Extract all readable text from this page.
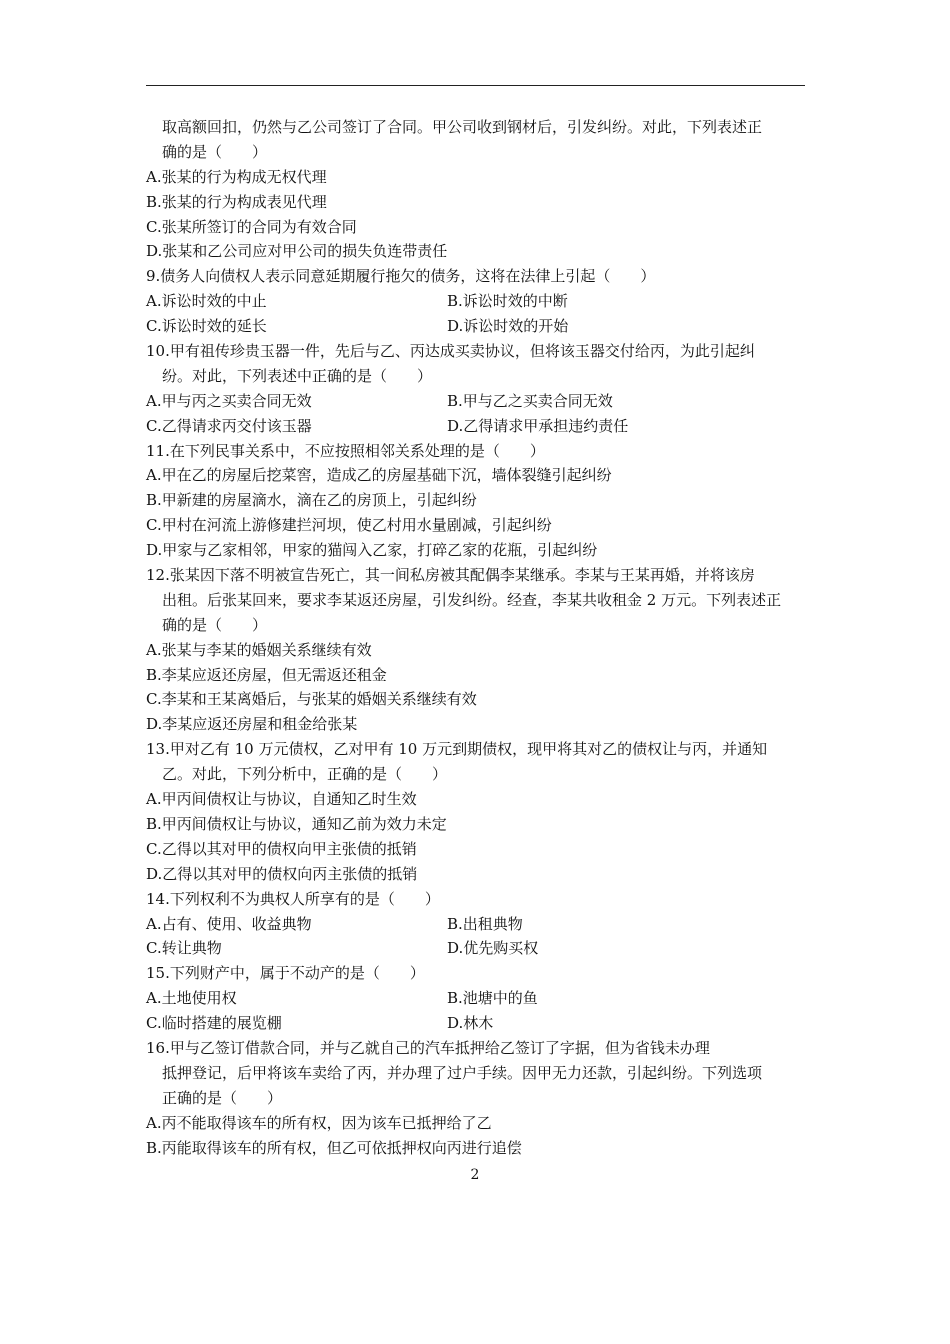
取高额回扣，仍然与乙公司签订了合同。甲公司收到钢材后，引发纠纷。对此，下列表述正
确的是（　　）
A.张某的行为构成无权代理
B.张某的行为构成表见代理
C.张某所签订的合同为有效合同
D.张某和乙公司应对甲公司的损失负连带责任
9.债务人向债权人表示同意延期履行拖欠的债务，这将在法律上引起（　　）
A.诉讼时效的中止	B.诉讼时效的中断
C.诉讼时效的延长	D.诉讼时效的开始
10.甲有祖传珍贵玉器一件，先后与乙、丙达成买卖协议，但将该玉器交付给丙，为此引起纠
纷。对此，下列表述中正确的是（　　）
A.甲与丙之买卖合同无效	B.甲与乙之买卖合同无效
C.乙得请求丙交付该玉器	D.乙得请求甲承担违约责任
11.在下列民事关系中，不应按照相邻关系处理的是（　　）
A.甲在乙的房屋后挖菜窖，造成乙的房屋基础下沉，墙体裂缝引起纠纷
B.甲新建的房屋滴水，滴在乙的房顶上，引起纠纷
C.甲村在河流上游修建拦河坝，使乙村用水量剧减，引起纠纷
D.甲家与乙家相邻，甲家的猫闯入乙家，打碎乙家的花瓶，引起纠纷
12.张某因下落不明被宣告死亡，其一间私房被其配偶李某继承。李某与王某再婚，并将该房
出租。后张某回来，要求李某返还房屋，引发纠纷。经查，李某共收租金 2 万元。下列表述正
确的是（　　）
A.张某与李某的婚姻关系继续有效
B.李某应返还房屋，但无需返还租金
C.李某和王某离婚后，与张某的婚姻关系继续有效
D.李某应返还房屋和租金给张某
13.甲对乙有 10 万元债权，乙对甲有 10 万元到期债权，现甲将其对乙的债权让与丙，并通知
乙。对此，下列分析中，正确的是（　　）
A.甲丙间债权让与协议，自通知乙时生效
B.甲丙间债权让与协议，通知乙前为效力未定
C.乙得以其对甲的债权向甲主张债的抵销
D.乙得以其对甲的债权向丙主张债的抵销
14.下列权利不为典权人所享有的是（　　）
A.占有、使用、收益典物	B.出租典物
C.转让典物	D.优先购买权
15.下列财产中，属于不动产的是（　　）
A.土地使用权	B.池塘中的鱼
C.临时搭建的展览棚	D.林木
16.甲与乙签订借款合同，并与乙就自己的汽车抵押给乙签订了字据，但为省钱未办理
抵押登记，后甲将该车卖给了丙，并办理了过户手续。因甲无力还款，引起纠纷。下列选项
正确的是（　　）
A.丙不能取得该车的所有权，因为该车已抵押给了乙
B.丙能取得该车的所有权，但乙可依抵押权向丙进行追偿
2
